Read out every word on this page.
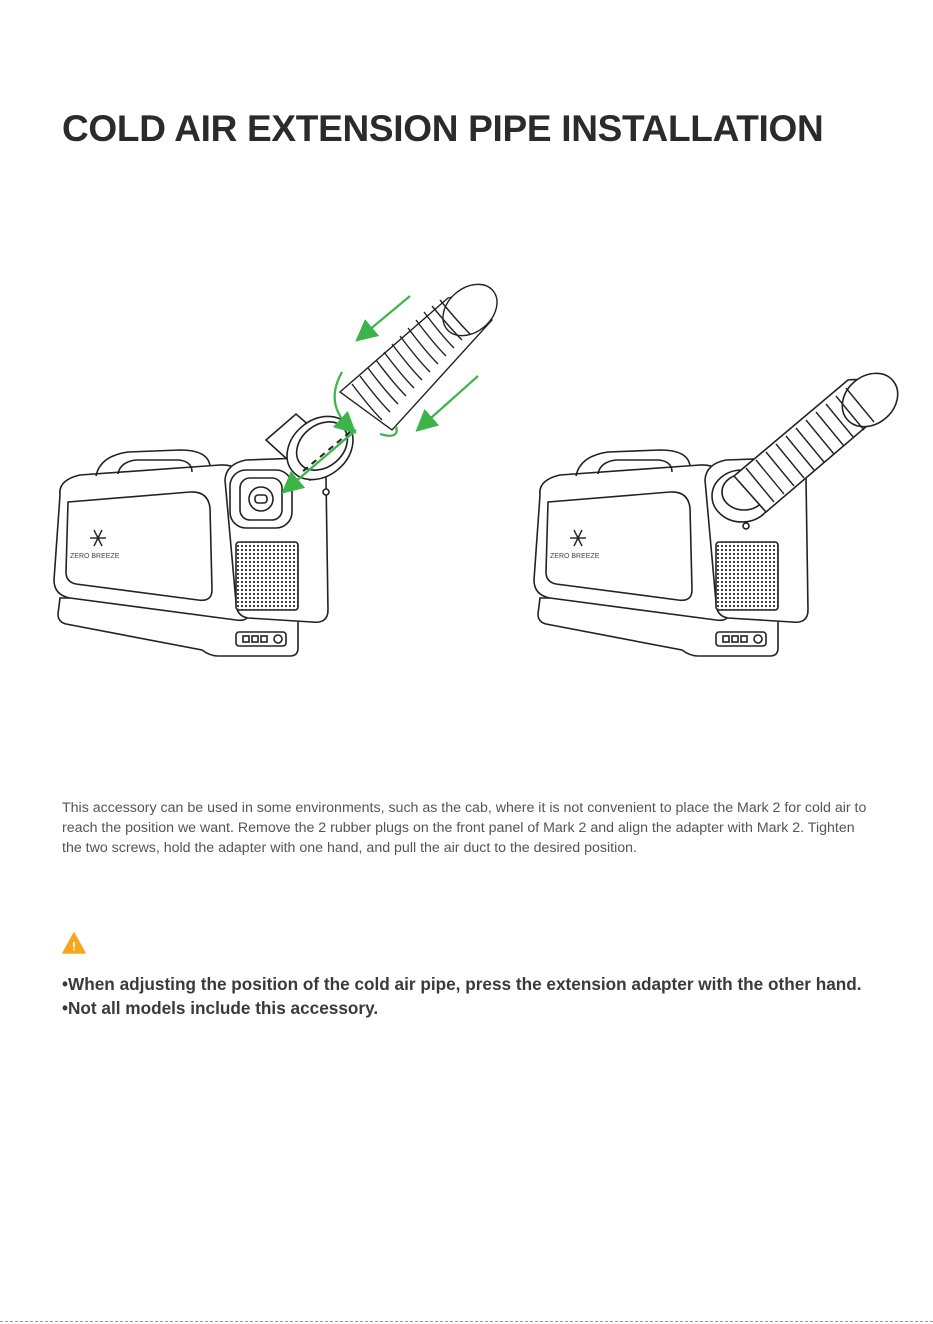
COLD AIR EXTENSION PIPE INSTALLATION
ZERO BREEZE	ZERO BREEZE

This accessory can be used in some environments, such as the cab, where it is not convenient to place the Mark 2 for cold air to reach the position we want. Remove the 2 rubber plugs on the front panel of Mark 2 and align the adapter with Mark 2. Tighten the two screws, hold the adapter with one hand, and pull the air duct to the desired position.

!
•When adjusting the position of the cold air pipe, press the extension adapter with the other hand.
•Not all models include this accessory.
